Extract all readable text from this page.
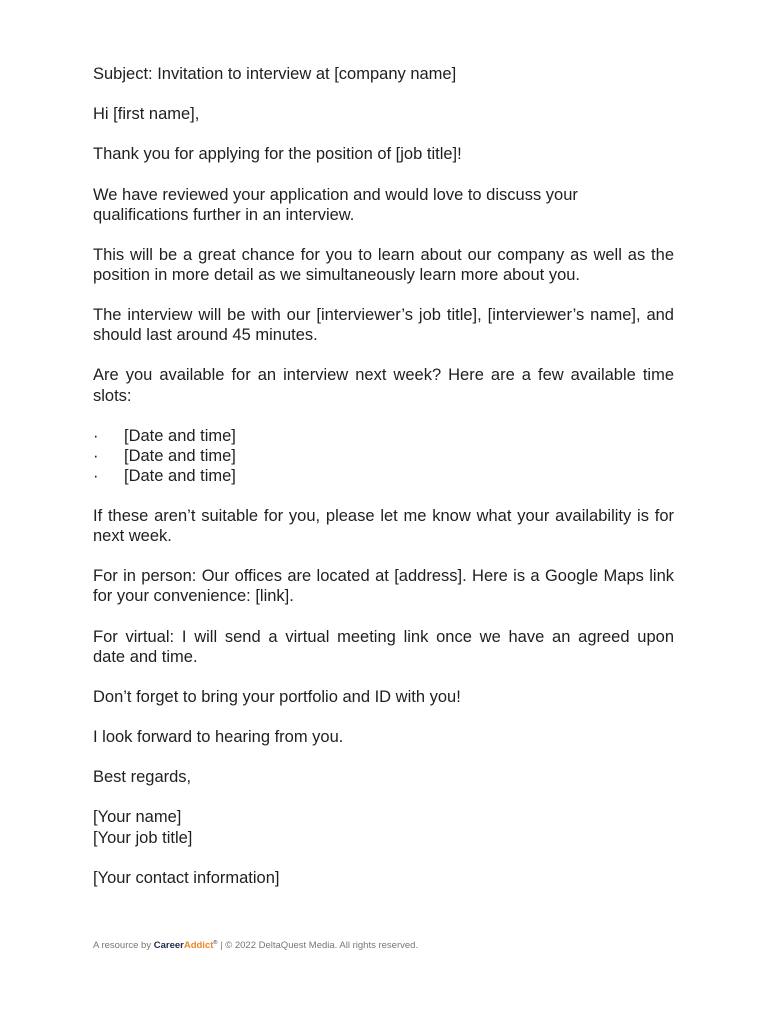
Subject: Invitation to interview at [company name]
Hi [first name],
Thank you for applying for the position of [job title]!
We have reviewed your application and would love to discuss your
qualifications further in an interview.
This will be a great chance for you to learn about our company as well as the
position in more detail as we simultaneously learn more about you.
The interview will be with our [interviewer’s job title], [interviewer’s name], and
should last around 45 minutes.
Are you available for an interview next week? Here are a few available time
slots:
· [Date and time]
· [Date and time]
· [Date and time]
If these aren’t suitable for you, please let me know what your availability is for
next week.
For in person: Our offices are located at [address]. Here is a Google Maps link
for your convenience: [link].
For virtual: I will send a virtual meeting link once we have an agreed upon
date and time.
Don’t forget to bring your portfolio and ID with you!
I look forward to hearing from you.
Best regards,
[Your name]
[Your job title]
[Your contact information]
A resource by CareerAddict® | © 2022 DeltaQuest Media. All rights reserved.
